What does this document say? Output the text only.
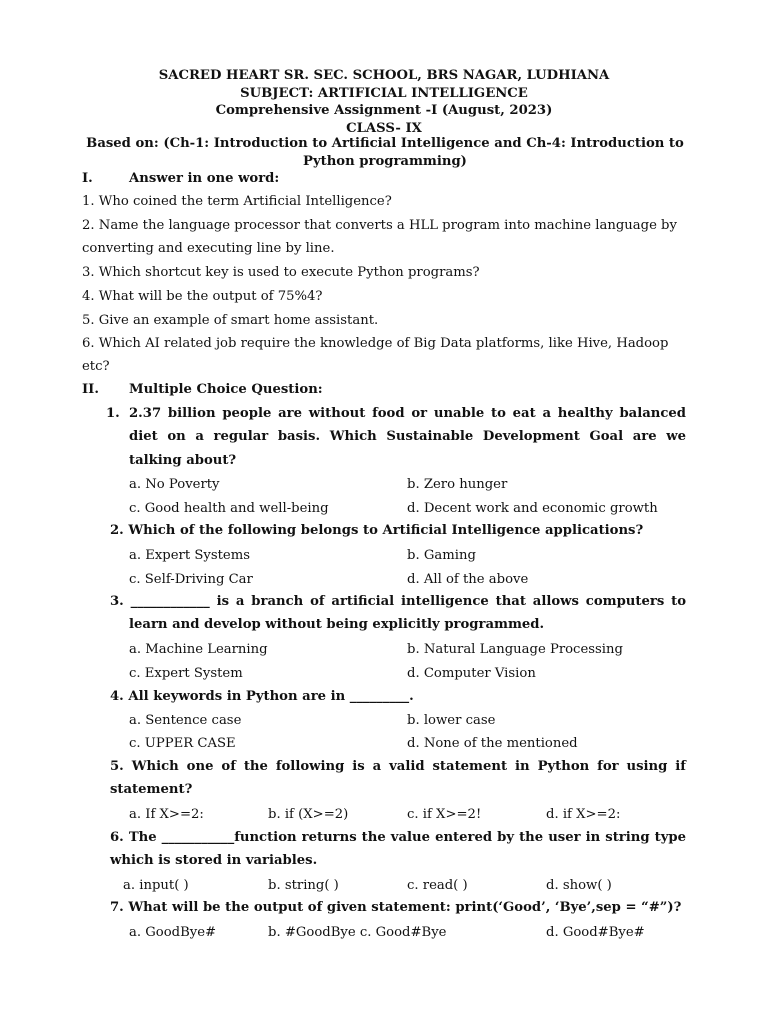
SACRED HEART SR. SEC. SCHOOL, BRS NAGAR, LUDHIANA
SUBJECT: ARTIFICIAL INTELLIGENCE
Comprehensive Assignment -I (August, 2023)
CLASS- IX
Based on: (Ch-1: Introduction to Artificial Intelligence and Ch-4: Introduction to Python programming)
I.	Answer in one word:
1. Who coined the term Artificial Intelligence?
2. Name the language processor that converts a HLL program into machine language by
converting and executing line by line.
3. Which shortcut key is used to execute Python programs?
4. What will be the output of 75%4?
5. Give an example of smart home assistant.
6. Which AI related job require the knowledge of Big Data platforms, like Hive, Hadoop
etc?
II. Multiple Choice Question:
1. 2.37 billion people are without food or unable to eat a healthy balanced diet on a regular basis. Which Sustainable Development Goal are we talking about?
a. No Poverty	b. Zero hunger
c. Good health and well-being	d. Decent work and economic growth
2. Which of the following belongs to Artificial Intelligence applications?
a. Expert Systems	b. Gaming
c. Self-Driving Car	d. All of the above
3. ____________ is a branch of artificial intelligence that allows computers to learn and develop without being explicitly programmed.
a. Machine Learning	b. Natural Language Processing
c. Expert System	d. Computer Vision
4. All keywords in Python are in _________.
a. Sentence case	b. lower case
c. UPPER CASE	d. None of the mentioned
5. Which one of the following is a valid statement in Python for using if statement?
a. If X>=2:	b. if (X>=2)	c. if X>=2!	d. if X>=2:
6. The ___________function returns the value entered by the user in string type which is stored in variables.
a. input( )	b. string( )	c. read( )	d. show( )
7. What will be the output of given statement: print(‘Good’, ‘Bye’,sep = “#”)?
a. GoodBye#	b. #GoodBye c. Good#Bye	d. Good#Bye#
